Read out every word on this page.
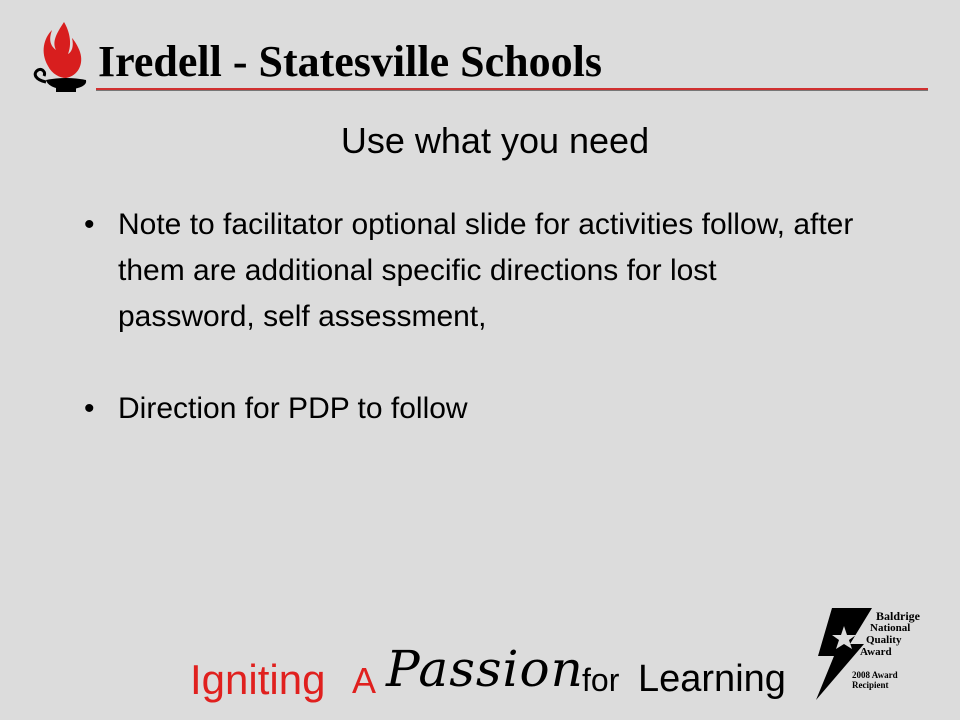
Iredell - Statesville Schools
Use what you need
• Note to facilitator optional slide for activities follow, after them are additional specific directions for lost password, self assessment,
• Direction for PDP to follow
Igniting A Passion
for Learning
Baldrige
National
Quality
Award
2008 Award
Recipient
